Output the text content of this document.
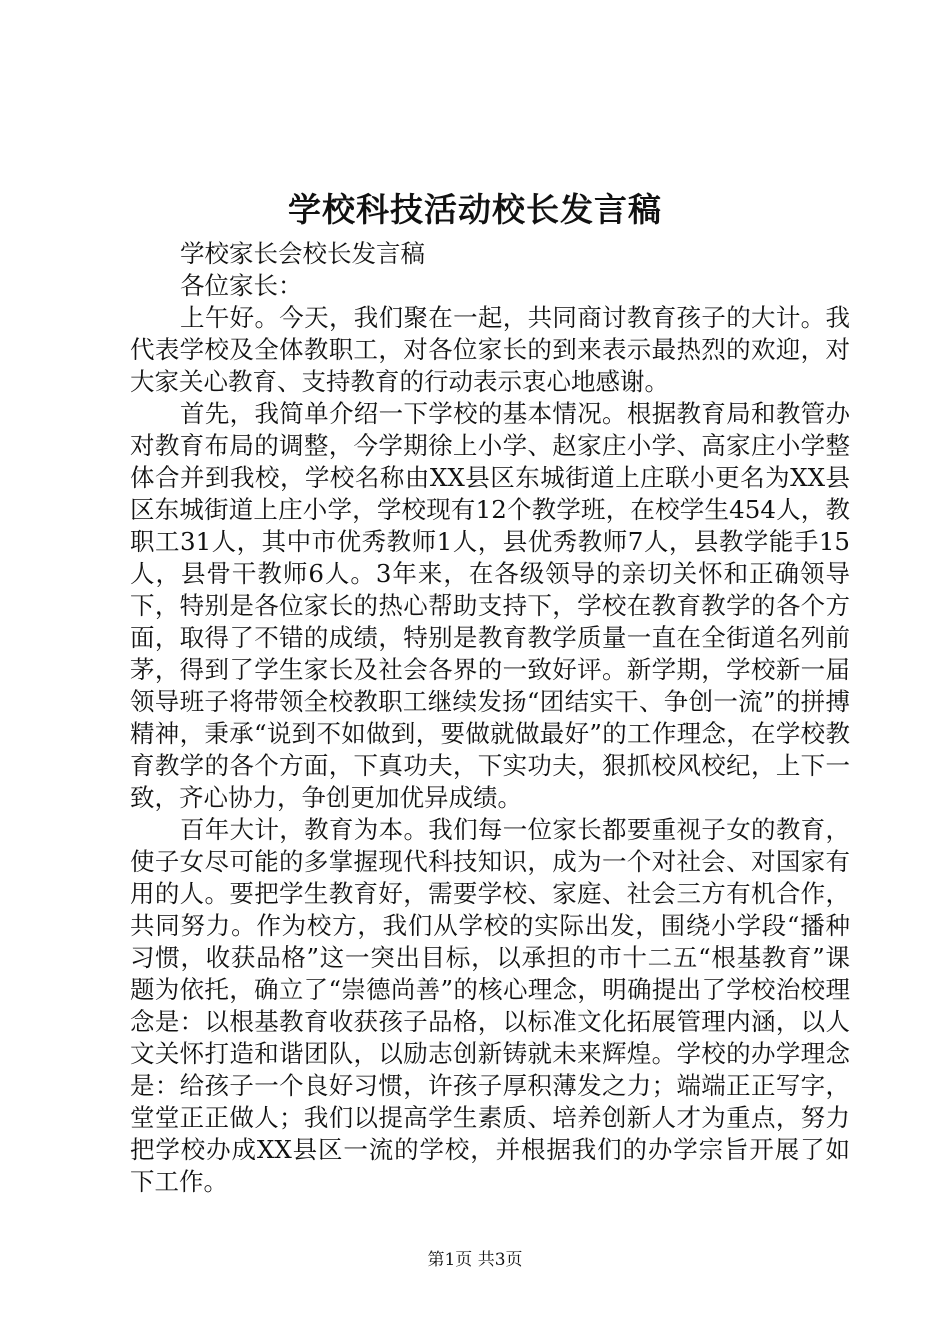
学校科技活动校长发言稿

学校家长会校长发言稿

各位家长：

上午好。今天，我们聚在一起，共同商讨教育孩子的大计。我代表学校及全体教职工，对各位家长的到来表示最热烈的欢迎，对大家关心教育、支持教育的行动表示衷心地感谢。

首先，我简单介绍一下学校的基本情况。根据教育局和教管办对教育布局的调整，今学期徐上小学、赵家庄小学、高家庄小学整体合并到我校，学校名称由XX县区东城街道上庄联小更名为XX县区东城街道上庄小学，学校现有12个教学班，在校学生454人，教职工31人，其中市优秀教师1人，县优秀教师7人，县教学能手15人，县骨干教师6人。3年来，在各级领导的亲切关怀和正确领导下，特别是各位家长的热心帮助支持下，学校在教育教学的各个方面，取得了不错的成绩，特别是教育教学质量一直在全街道名列前茅，得到了学生家长及社会各界的一致好评。新学期，学校新一届领导班子将带领全校教职工继续发扬“团结实干、争创一流”的拼搏精神，秉承“说到不如做到，要做就做最好”的工作理念，在学校教育教学的各个方面，下真功夫，下实功夫，狠抓校风校纪，上下一致，齐心协力，争创更加优异成绩。

百年大计，教育为本。我们每一位家长都要重视子女的教育，使子女尽可能的多掌握现代科技知识，成为一个对社会、对国家有用的人。要把学生教育好，需要学校、家庭、社会三方有机合作，共同努力。作为校方，我们从学校的实际出发，围绕小学段“播种习惯，收获品格”这一突出目标，以承担的市十二五“根基教育”课题为依托，确立了“崇德尚善”的核心理念，明确提出了学校治校理念是：以根基教育收获孩子品格，以标准文化拓展管理内涵，以人文关怀打造和谐团队，以励志创新铸就未来辉煌。学校的办学理念是：给孩子一个良好习惯，许孩子厚积薄发之力；端端正正写字，堂堂正正做人；我们以提高学生素质、培养创新人才为重点，努力把学校办成XX县区一流的学校，并根据我们的办学宗旨开展了如下工作。

第1页 共3页
